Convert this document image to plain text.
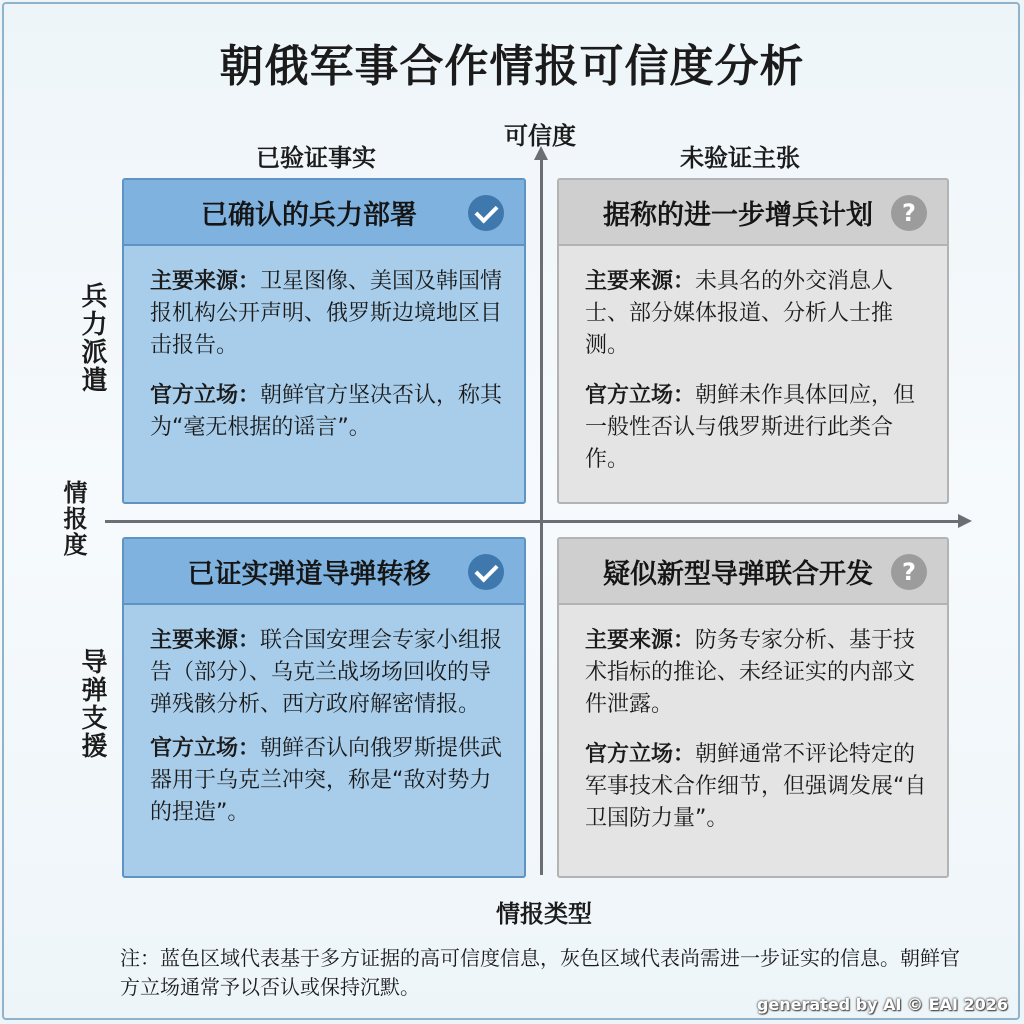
朝俄军事合作情报可信度分析
已验证事实	未验证主张
可信度
情报类型
情报度
兵力派遣
导弹支援
已确认的兵力部署

主要来源：卫星图像、美国及韩国情报机构公开声明、俄罗斯边境地区目击报告。

官方立场：朝鲜官方坚决否认，称其为“毫无根据的谣言”。

据称的进一步增兵计划	?

主要来源：未具名的外交消息人士、部分媒体报道、分析人士推测。

官方立场：朝鲜未作具体回应，但一般性否认与俄罗斯进行此类合作。

已证实弹道导弹转移

主要来源：联合国安理会专家小组报告（部分）、乌克兰战场场回收的导弹残骸分析、西方政府解密情报。

官方立场：朝鲜否认向俄罗斯提供武器用于乌克兰冲突，称是“敌对势力的捏造”。

疑似新型导弹联合开发	?

主要来源：防务专家分析、基于技术指标的推论、未经证实的内部文件泄露。

官方立场：朝鲜通常不评论特定的军事技术合作细节，但强调发展“自卫国防力量”。

注：蓝色区域代表基于多方证据的高可信度信息，灰色区域代表尚需进一步证实的信息。朝鲜官方立场通常予以否认或保持沉默。
generated by AI © EAI 2026
